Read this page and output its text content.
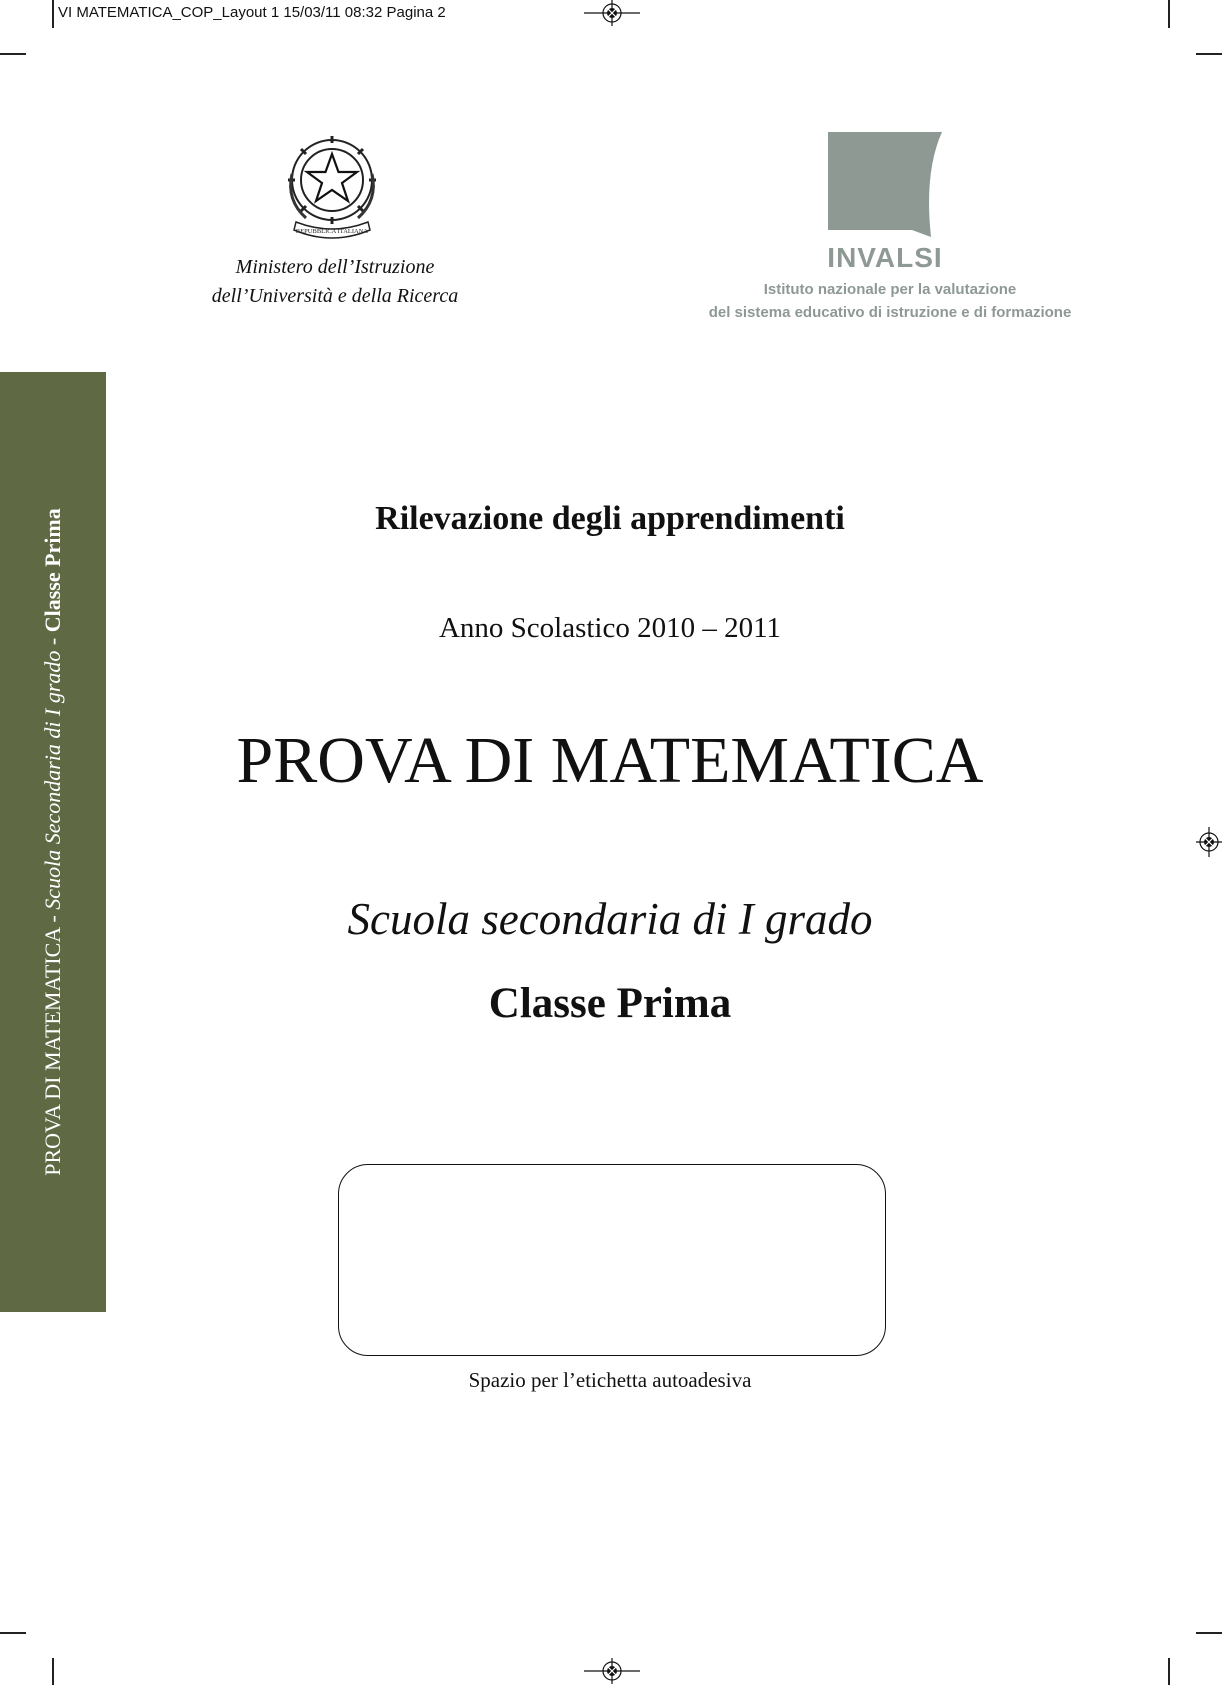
VI MATEMATICA_COP_Layout 1 15/03/11 08:32 Pagina 2
PROVA DI MATEMATICA - Scuola Secondaria di I grado - Classe Prima
REPUBBLICA ITALIANA
Ministero dell’Istruzione
dell’Università e della Ricerca
INVALSI
Istituto nazionale per la valutazione
del sistema educativo di istruzione e di formazione
Rilevazione degli apprendimenti
Anno Scolastico 2010 – 2011
PROVA DI MATEMATICA
Scuola secondaria di I grado
Classe Prima
Spazio per l’etichetta autoadesiva
